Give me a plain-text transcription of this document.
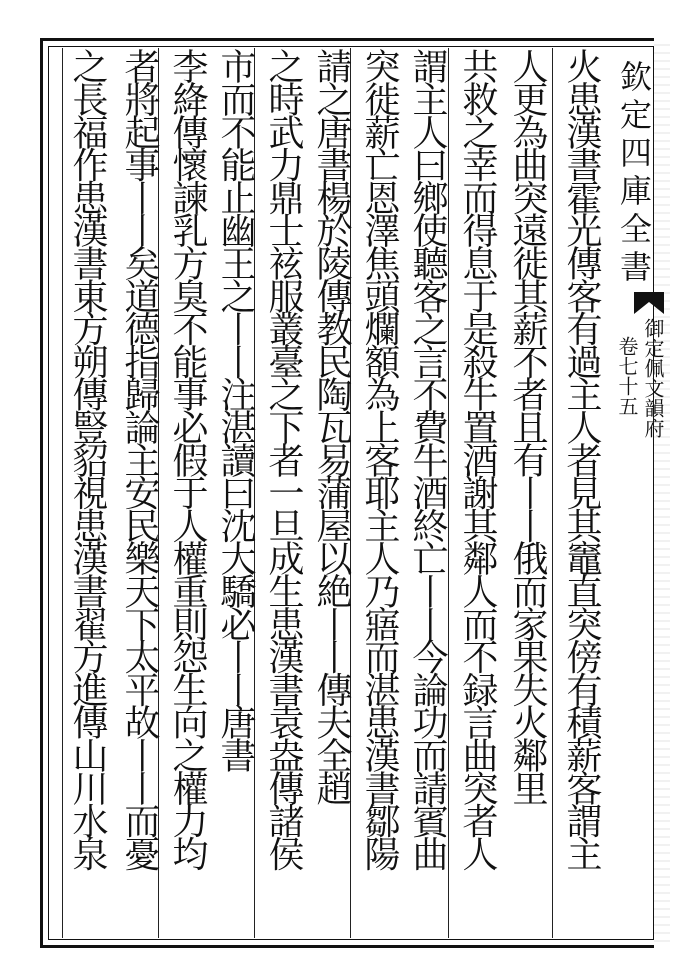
欽定四庫全書
御定佩文韻府
卷七十五
火患漢書霍光傳客有過主人者見其竈直突傍有積薪客謂主
人更為曲突遠徙其薪不者且有丨丨俄而家果失火鄰里
共救之幸而得息于是殺牛置酒謝其鄰人而不録言曲突者人
謂主人曰鄉使聽客之言不費牛酒終亡丨丨今論功而請賓曲
突徙薪亡恩澤焦頭爛額為上客耶主人乃寤而湛患漢書鄒陽
請之唐書楊於陵傳教民陶瓦易蒲屋以絶丨丨傳夫全趙
之時武力鼎士袨服叢臺之下者一旦成生患漢書袁盎傳諸侯
市而不能止幽王之丨丨注湛讀曰沈大驕必丨丨唐書
李絳傳懷諫乳方臭不能事必假于人權重則怨生向之權力均
者將起事丨丨矣道德指歸論主安民樂天下太平故丨丨而憂
之長福作患漢書東方朔傳豎貂視患漢書翟方進傳山川水泉
